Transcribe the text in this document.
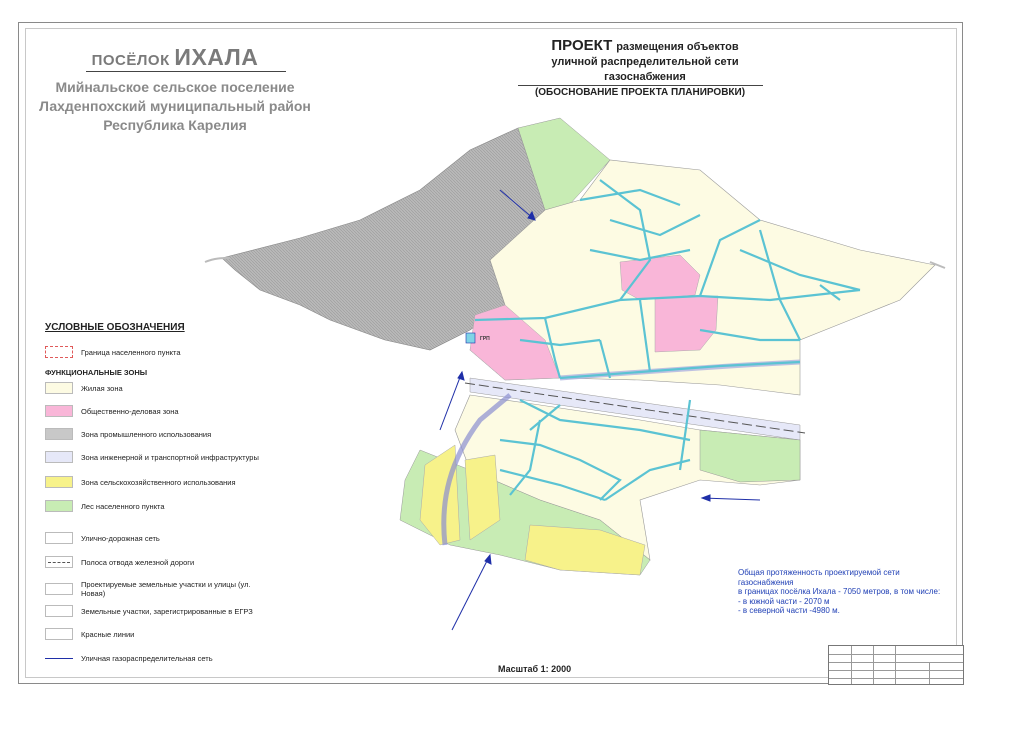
ГРП
ПОСЁЛОК ИХАЛА
Мийнальское сельское поселение
Лахденпохский муниципальный район
Республика Карелия
ПРОЕКТ размещения объектов
уличной распределительной сети
газоснабжения
(ОБОСНОВАНИЕ ПРОЕКТА ПЛАНИРОВКИ)
УСЛОВНЫЕ ОБОЗНАЧЕНИЯ
Граница населенного пункта
ФУНКЦИОНАЛЬНЫЕ ЗОНЫ
Жилая зона
Общественно-деловая зона
Зона промышленного использования
Зона инженерной и транспортной инфраструктуры
Зона сельскохозяйственного использования
Лес населенного пункта
Улично-дорожная сеть
Полоса отвода железной дороги
Проектируемые земельные участки и улицы (ул. Новая)
Земельные участки, зарегистрированные в ЕГРЗ
Красные линии
Уличная газораспределительная сеть
Общая протяженность проектируемой сети газоснабжения
в границах посёлка Ихала - 7050 метров, в том числе:
- в южной части - 2070 м
- в северной части -4980 м.
Масштаб 1: 2000
